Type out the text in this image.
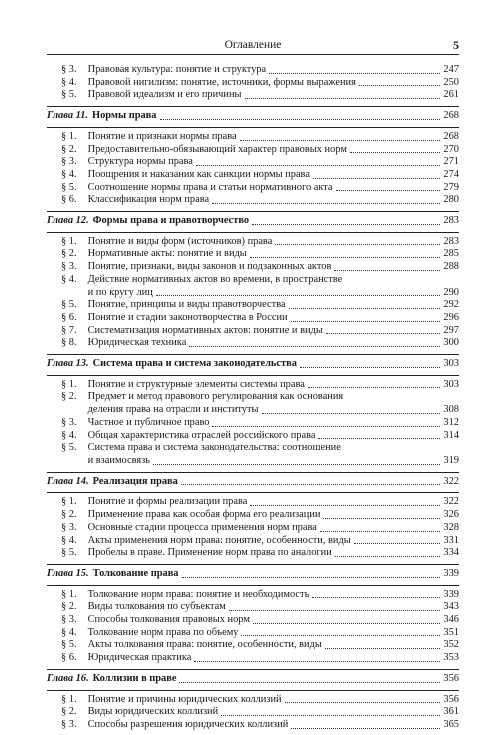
Оглавление	5
§ 3. Правовая культура: понятие и структура	247
§ 4. Правовой нигилизм: понятие, источники, формы выражения	250
§ 5. Правовой идеализм и его причины	261
Глава 11. Нормы права	268
§ 1. Понятие и признаки нормы права	268
§ 2. Предоставительно-обязывающий характер правовых норм	270
§ 3. Структура нормы права	271
§ 4. Поощрения и наказания как санкции нормы права	274
§ 5. Соотношение нормы права и статьи нормативного акта	279
§ 6. Классификация норм права	280
Глава 12. Формы права и правотворчество	283
§ 1. Понятие и виды форм (источников) права	283
§ 2. Нормативные акты: понятие и виды	285
§ 3. Понятие, признаки, виды законов и подзаконных актов	288
§ 4. Действие нормативных актов во времени, в пространстве
и по кругу лиц	290
§ 5. Понятие, принципы и виды правотворчества	292
§ 6. Понятие и стадии законотворчества в России	296
§ 7. Систематизация нормативных актов: понятие и виды	297
§ 8. Юридическая техника	300
Глава 13. Система права и система законодательства	303
§ 1. Понятие и структурные элементы системы права	303
§ 2. Предмет и метод правового регулирования как основания
деления права на отрасли и институты	308
§ 3. Частное и публичное право	312
§ 4. Общая характеристика отраслей российского права	314
§ 5. Система права и система законодательства: соотношение
и взаимосвязь	319
Глава 14. Реализация права	322
§ 1. Понятие и формы реализации права	322
§ 2. Применение права как особая форма его реализации	326
§ 3. Основные стадии процесса применения норм права	328
§ 4. Акты применения норм права: понятие, особенности, виды	331
§ 5. Пробелы в праве. Применение норм права по аналогии	334
Глава 15. Толкование права	339
§ 1. Толкование норм права: понятие и необходимость	339
§ 2. Виды толкования по субъектам	343
§ 3. Способы толкования правовых норм	346
§ 4. Толкование норм права по объему	351
§ 5. Акты толкования права: понятие, особенности, виды	352
§ 6. Юридическая практика	353
Глава 16. Коллизии в праве	356
§ 1. Понятие и причины юридических коллизий	356
§ 2. Виды юридических коллизий	361
§ 3. Способы разрешения юридических коллизий	365
